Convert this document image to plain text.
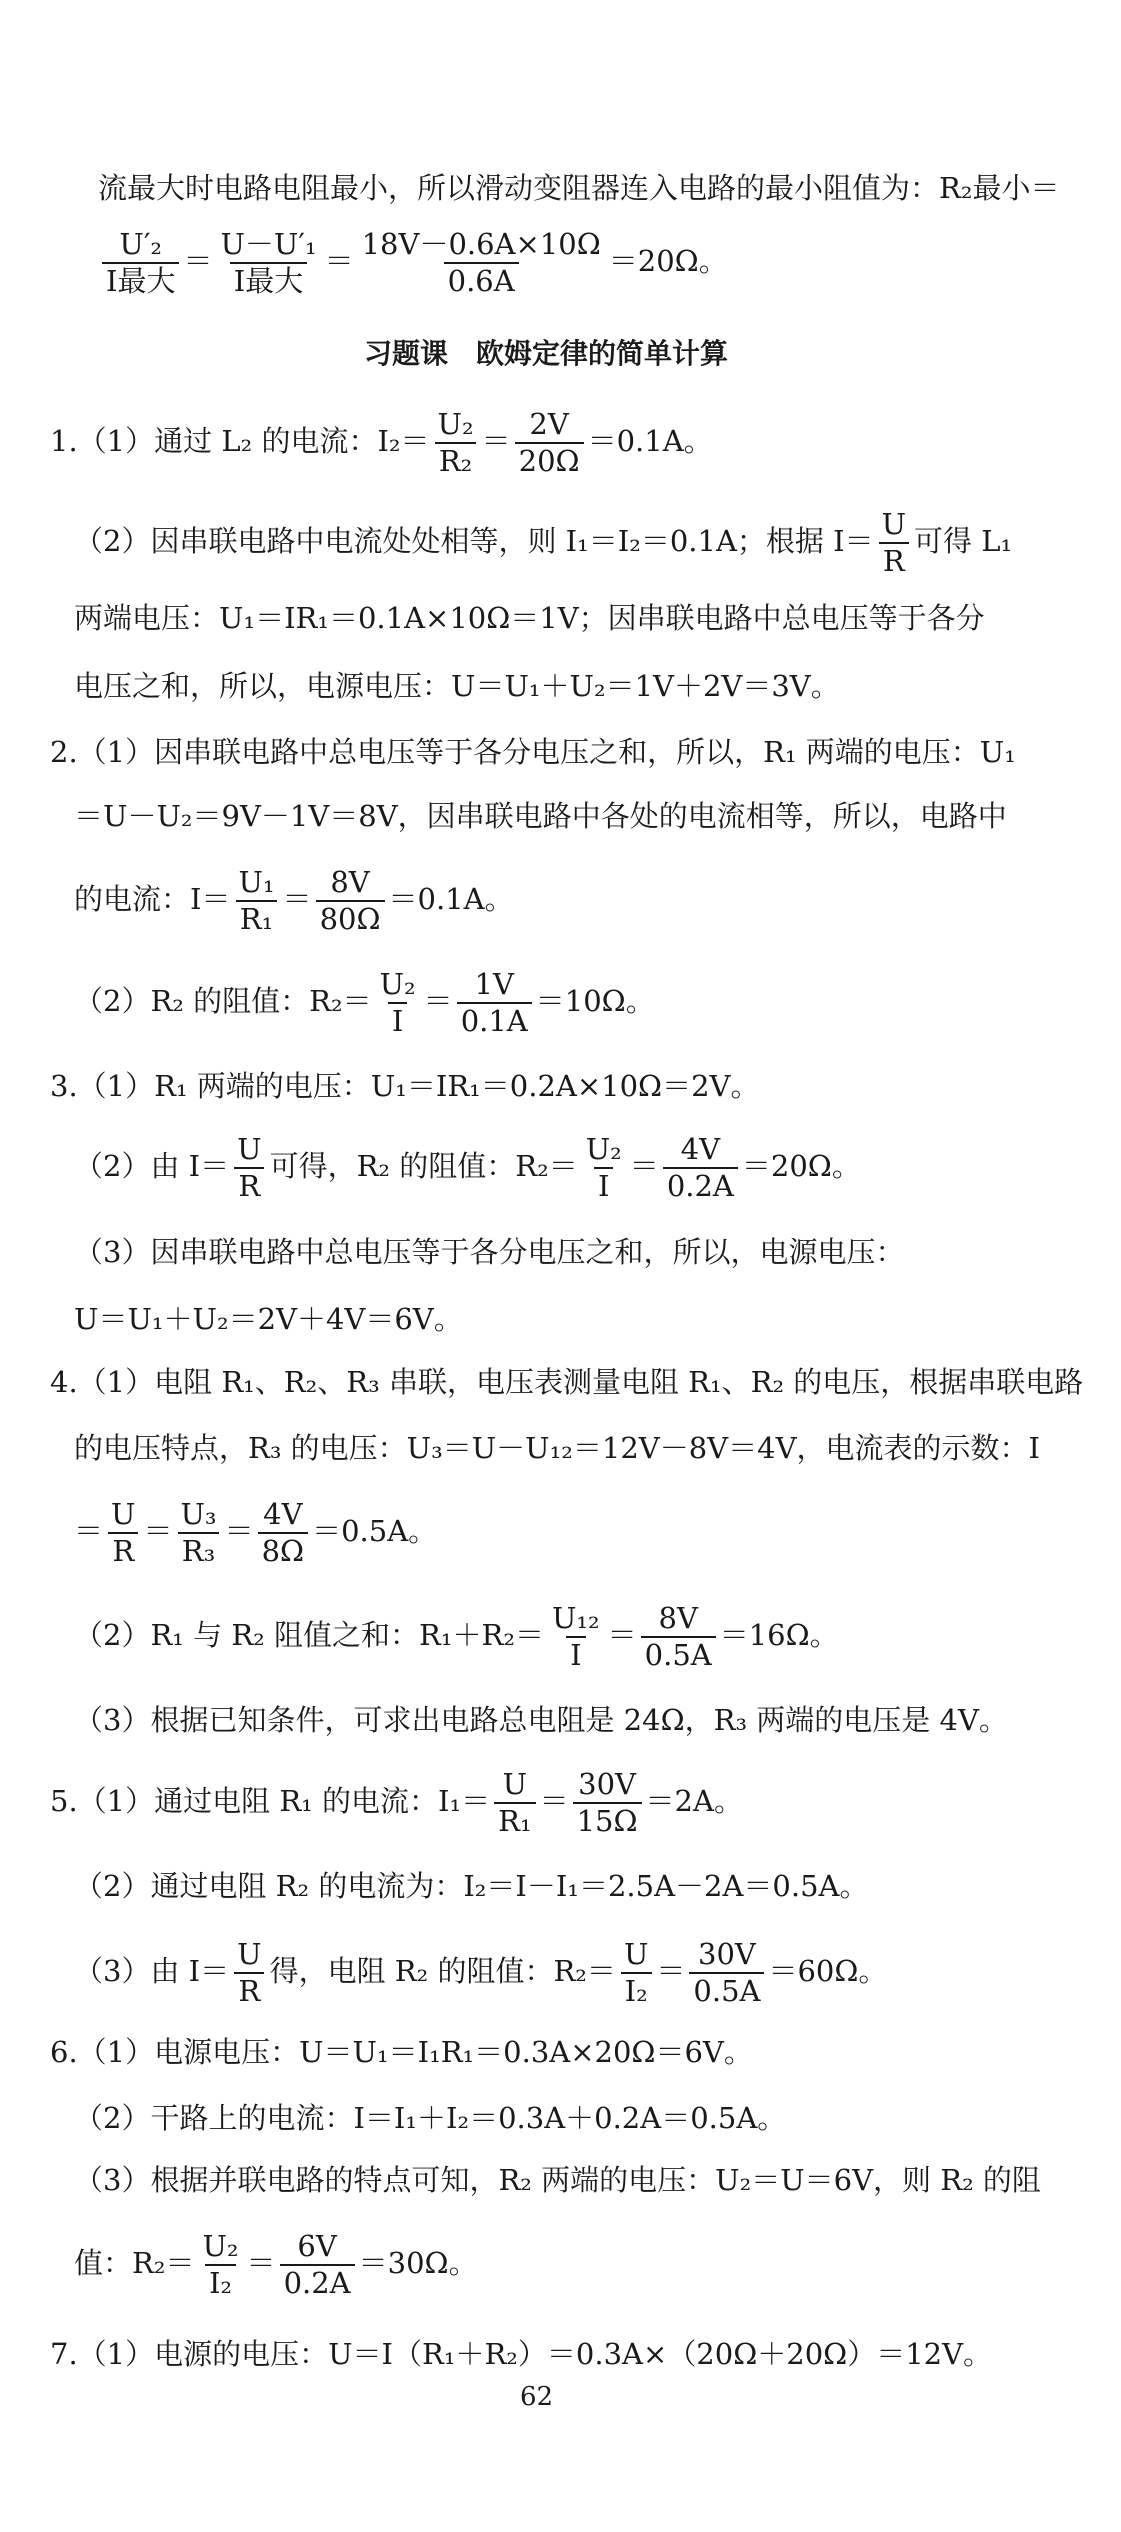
流最大时电路电阻最小，所以滑动变阻器连入电路的最小阻值为：R₂最小＝
$\frac{\text{U′₂}}{\text{I最大}} = \frac{\text{U－U′₁}}{\text{I最大}} = \frac{18V-0.6A\times 10\Omega}{0.6A} =20\Omega$。
习题课　欧姆定律的简单计算
1.（1）通过 L₂ 的电流：$I_2= \frac{\text{U₂}}{\text{R₂}} = \frac{2V}{20\Omega} =0.1A$。
（2）因串联电路中电流处处相等，则 I₁＝I₂＝0.1A；根据 $I= \frac{U}{R}$ 可得 L₁
两端电压：U₁＝IR₁＝0.1A×10Ω＝1V；因串联电路中总电压等于各分
电压之和，所以，电源电压：U＝U₁＋U₂＝1V＋2V＝3V。
2.（1）因串联电路中总电压等于各分电压之和，所以，R₁ 两端的电压：U₁
＝U－U₂＝9V－1V＝8V，因串联电路中各处的电流相等，所以，电路中
的电流：$I= \frac{\text{U₁}}{\text{R₁}} = \frac{8V}{80\Omega} =0.1A$。
（2）R₂ 的阻值：$R_2= \frac{\text{U₂}}{I} = \frac{1V}{0.1A} =10\Omega$。
3.（1）R₁ 两端的电压：U₁＝IR₁＝0.2A×10Ω＝2V。
（2）由 $I= \frac{U}{R}$ 可得，R₂ 的阻值：$R_2= \frac{\text{U₂}}{I} = \frac{4V}{0.2A} =20\Omega$。
（3）因串联电路中总电压等于各分电压之和，所以，电源电压：
U＝U₁＋U₂＝2V＋4V＝6V。
4.（1）电阻 R₁、R₂、R₃ 串联，电压表测量电阻 R₁、R₂ 的电压，根据串联电路
的电压特点，R₃ 的电压：U₃＝U－U₁₂＝12V－8V＝4V，电流表的示数：I
＝ $\frac{U}{R} = \frac{\text{U₃}}{\text{R₃}} = \frac{4V}{8\Omega} =0.5A$。
（2）R₁ 与 R₂ 阻值之和：$R_1+R_2= \frac{\text{U₁₂}}{I} = \frac{8V}{0.5A} =16\Omega$。
（3）根据已知条件，可求出电路总电阻是 24Ω，R₃ 两端的电压是 4V。
5.（1）通过电阻 R₁ 的电流：$I_1= \frac{U}{\text{R₁}} = \frac{30V}{15\Omega} =2A$。
（2）通过电阻 R₂ 的电流为：I₂＝I－I₁＝2.5A－2A＝0.5A。
（3）由 $I= \frac{U}{R}$ 得，电阻 R₂ 的阻值：$R_2= \frac{U}{\text{I₂}} = \frac{30V}{0.5A} =60\Omega$。
6.（1）电源电压：U＝U₁＝I₁R₁＝0.3A×20Ω＝6V。
（2）干路上的电流：I＝I₁＋I₂＝0.3A＋0.2A＝0.5A。
（3）根据并联电路的特点可知，R₂ 两端的电压：U₂＝U＝6V，则 R₂ 的阻
值：$R_2= \frac{\text{U₂}}{\text{I₂}} = \frac{6V}{0.2A} =30\Omega$。
7.（1）电源的电压：U＝I（R₁＋R₂）＝0.3A×（20Ω＋20Ω）＝12V。
62
